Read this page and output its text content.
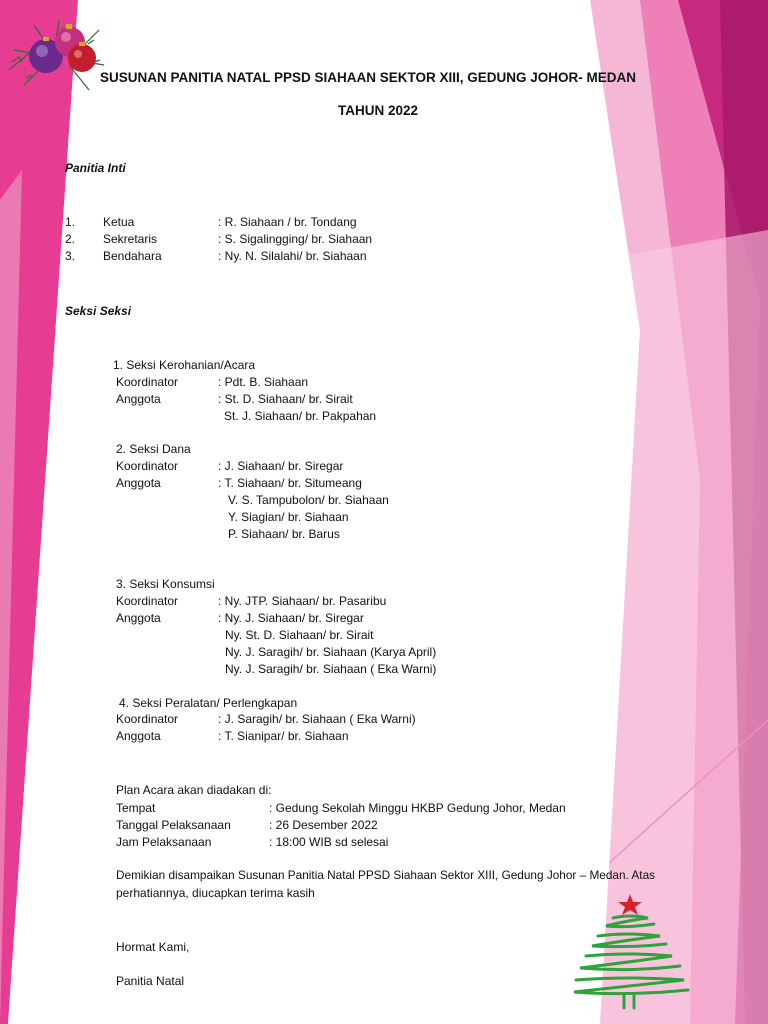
SUSUNAN PANITIA NATAL PPSD SIAHAAN SEKTOR XIII, GEDUNG JOHOR- MEDAN
TAHUN 2022
Panitia Inti
1. Ketua	: R. Siahaan / br. Tondang
2. Sekretaris	: S. Sigalingging/ br. Siahaan
3. Bendahara	: Ny. N. Silalahi/ br. Siahaan
Seksi Seksi
1. Seksi Kerohanian/Acara
Koordinator	: Pdt. B. Siahaan
Anggota	: St. D. Siahaan/ br. Sirait
St. J. Siahaan/ br. Pakpahan
2. Seksi Dana
Koordinator	: J. Siahaan/ br. Siregar
Anggota	: T. Siahaan/ br. Situmeang
V. S. Tampubolon/ br. Siahaan
Y. Siagian/ br. Siahaan
P. Siahaan/ br. Barus
3. Seksi Konsumsi
Koordinator	: Ny. JTP. Siahaan/ br. Pasaribu
Anggota	: Ny. J. Siahaan/ br. Siregar
Ny. St. D. Siahaan/ br. Sirait
Ny. J. Saragih/ br. Siahaan (Karya April)
Ny. J. Saragih/ br. Siahaan ( Eka Warni)
4. Seksi Peralatan/ Perlengkapan
Koordinator	: J. Saragih/ br. Siahaan ( Eka Warni)
Anggota	: T. Sianipar/ br. Siahaan
Plan Acara akan diadakan di:
Tempat	: Gedung Sekolah Minggu HKBP Gedung Johor, Medan
Tanggal Pelaksanaan	: 26 Desember 2022
Jam Pelaksanaan	: 18:00 WIB sd selesai
Demikian disampaikan Susunan Panitia Natal PPSD Siahaan Sektor XIII, Gedung Johor – Medan. Atas
perhatiannya, diucapkan terima kasih
Hormat Kami,
Panitia Natal
